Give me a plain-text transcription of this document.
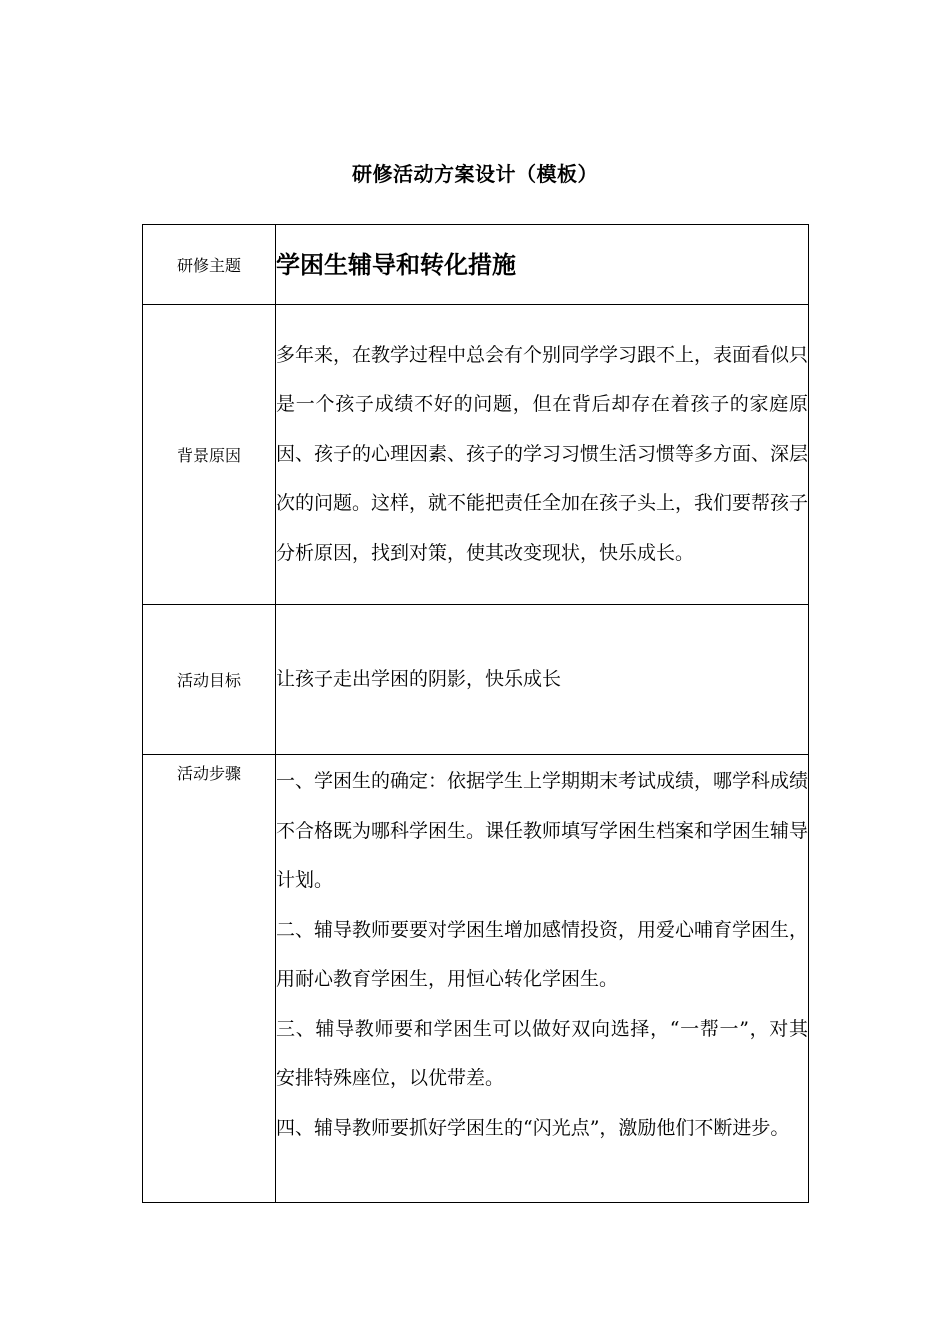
研修活动方案设计（模板）
研修主题	学困生辅导和转化措施
背景原因	多年来，在教学过程中总会有个别同学学习跟不上，表面看似只是一个孩子成绩不好的问题，但在背后却存在着孩子的家庭原因、孩子的心理因素、孩子的学习习惯生活习惯等多方面、深层次的问题。这样，就不能把责任全加在孩子头上，我们要帮孩子分析原因，找到对策，使其改变现状，快乐成长。
活动目标	让孩子走出学困的阴影，快乐成长
活动步骤	一、学困生的确定：依据学生上学期期末考试成绩，哪学科成绩不合格既为哪科学困生。课任教师填写学困生档案和学困生辅导计划。
二、辅导教师要要对学困生增加感情投资，用爱心哺育学困生，用耐心教育学困生，用恒心转化学困生。
三、辅导教师要和学困生可以做好双向选择，“一帮一”，对其安排特殊座位，以优带差。
四、辅导教师要抓好学困生的“闪光点”，激励他们不断进步。
